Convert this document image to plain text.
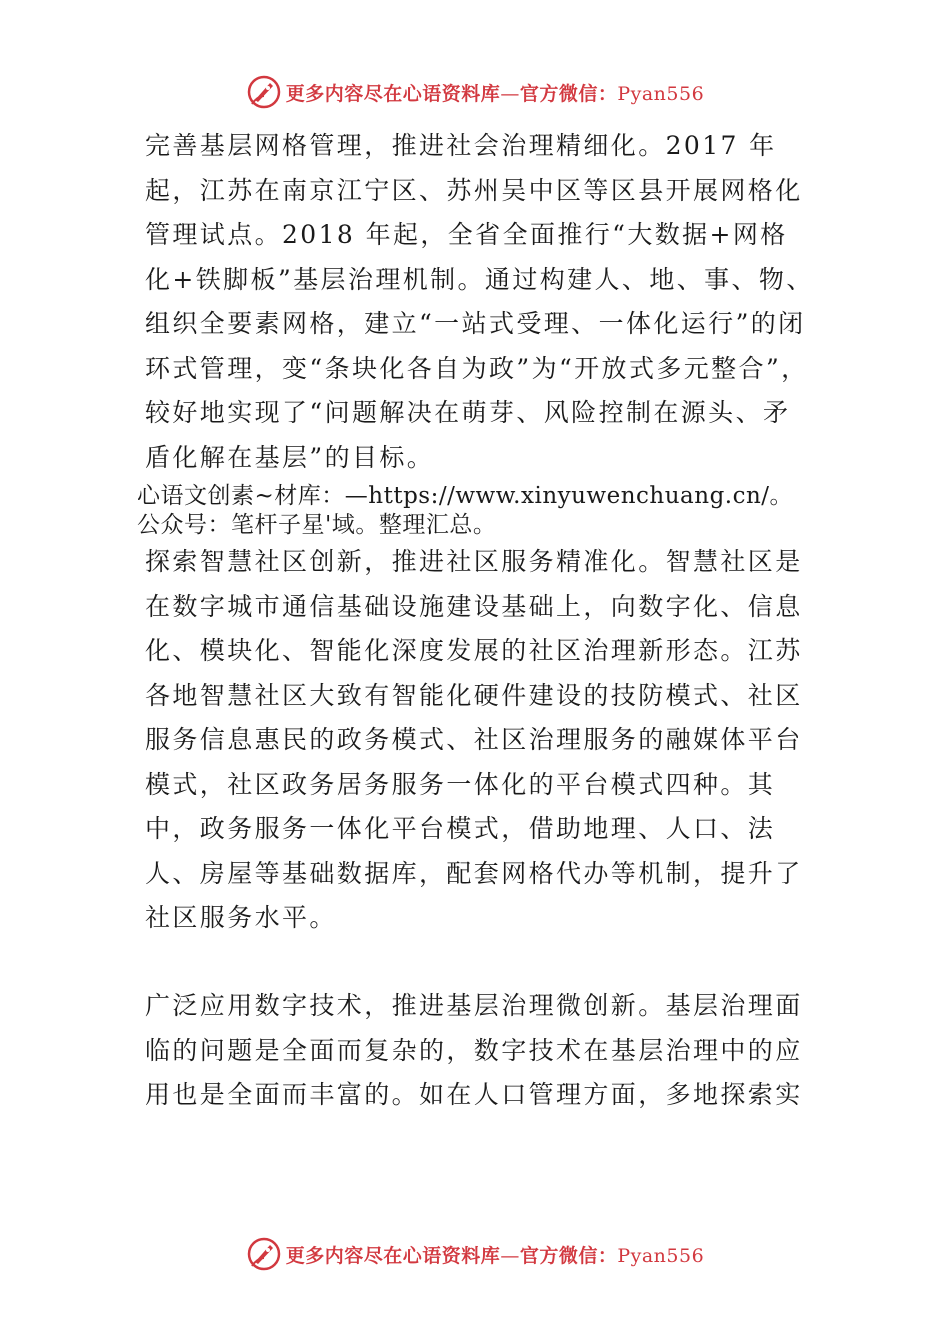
更多内容尽在心语资料库—官方微信：Pyan556

完善基层网格管理，推进社会治理精细化。2017 年起，江苏在南京江宁区、苏州吴中区等区县开展网格化管理试点。2018 年起，全省全面推行“大数据+网格化+铁脚板”基层治理机制。通过构建人、地、事、物、组织全要素网格，建立“一站式受理、一体化运行”的闭环式管理，变“条块化各自为政”为“开放式多元整合”，较好地实现了“问题解决在萌芽、风险控制在源头、矛盾化解在基层”的目标。

心语文创素~材库：—https://www.xinyuwenchuang.cn/。
公众号：笔杆子星'域。整理汇总。

探索智慧社区创新，推进社区服务精准化。智慧社区是在数字城市通信基础设施建设基础上，向数字化、信息化、模块化、智能化深度发展的社区治理新形态。江苏各地智慧社区大致有智能化硬件建设的技防模式、社区服务信息惠民的政务模式、社区治理服务的融媒体平台模式，社区政务居务服务一体化的平台模式四种。其中，政务服务一体化平台模式，借助地理、人口、法人、房屋等基础数据库，配套网格代办等机制，提升了社区服务水平。

广泛应用数字技术，推进基层治理微创新。基层治理面临的问题是全面而复杂的，数字技术在基层治理中的应用也是全面而丰富的。如在人口管理方面，多地探索实

更多内容尽在心语资料库—官方微信：Pyan556
